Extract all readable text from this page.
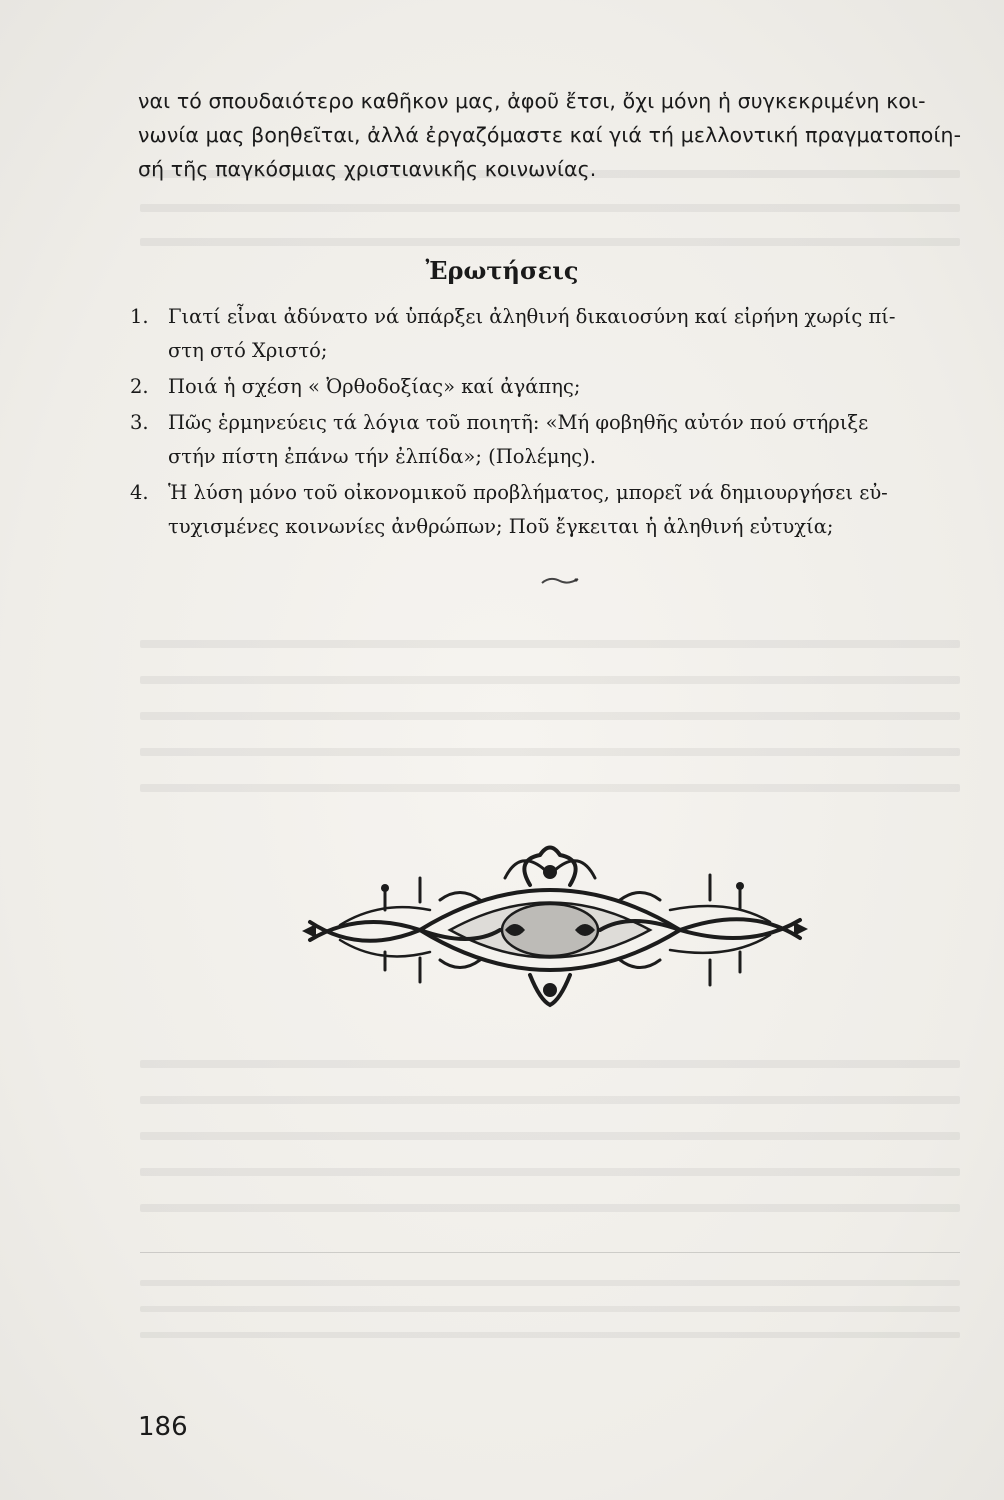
ναι τό σπουδαιότερο καθῆκον μας, ἀφοῦ ἔτσι, ὄχι μόνη ἡ συγκεκριμένη κοι-
νωνία μας βοηθεῖται, ἀλλά ἐργαζόμαστε καί γιά τή μελλοντική πραγματοποίη-
σή τῆς παγκόσμιας χριστιανικῆς κοινωνίας.

Ἐρωτήσεις
1. Γιατί εἶναι ἀδύνατο νά ὑπάρξει ἀληθινή δικαιοσύνη καί εἰρήνη χωρίς πί-
στη στό Χριστό;
2. Ποιά ἡ σχέση « Ὀρθοδοξίας» καί ἀγάπης;
3. Πῶς ἑρμηνεύεις τά λόγια τοῦ ποιητῆ: «Μή φοβηθῆς αὐτόν πού στήριξε
στήν πίστη ἐπάνω τήν ἐλπίδα»; (Πολέμης).
4. Ἡ λύση μόνο τοῦ οἰκονομικοῦ προβλήματος, μπορεῖ νά δημιουργήσει εὐ-
τυχισμένες κοινωνίες ἀνθρώπων; Ποῦ ἔγκειται ἡ ἀληθινή εὐτυχία;

186
